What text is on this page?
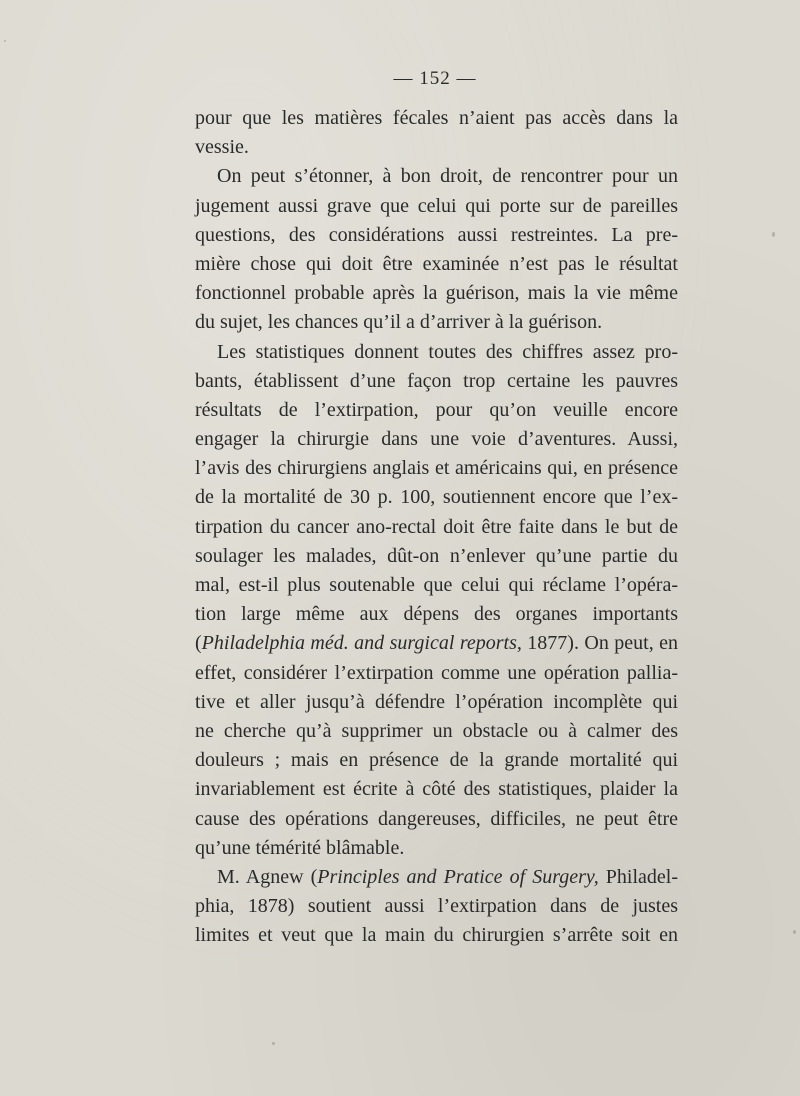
— 152 —
pour que les matières fécales n’aient pas accès dans la
vessie.
On peut s’étonner, à bon droit, de rencontrer pour un
jugement aussi grave que celui qui porte sur de pareilles
questions, des considérations aussi restreintes. La pre-
mière chose qui doit être examinée n’est pas le résultat
fonctionnel probable après la guérison, mais la vie même
du sujet, les chances qu’il a d’arriver à la guérison.
Les statistiques donnent toutes des chiffres assez pro-
bants, établissent d’une façon trop certaine les pauvres
résultats de l’extirpation, pour qu’on veuille encore
engager la chirurgie dans une voie d’aventures. Aussi,
l’avis des chirurgiens anglais et américains qui, en présence
de la mortalité de 30 p. 100, soutiennent encore que l’ex-
tirpation du cancer ano-rectal doit être faite dans le but de
soulager les malades, dût-on n’enlever qu’une partie du
mal, est-il plus soutenable que celui qui réclame l’opéra-
tion large même aux dépens des organes importants
(Philadelphia méd. and surgical reports, 1877). On peut, en
effet, considérer l’extirpation comme une opération pallia-
tive et aller jusqu’à défendre l’opération incomplète qui
ne cherche qu’à supprimer un obstacle ou à calmer des
douleurs ; mais en présence de la grande mortalité qui
invariablement est écrite à côté des statistiques, plaider la
cause des opérations dangereuses, difficiles, ne peut être
qu’une témérité blâmable.
M. Agnew (Principles and Pratice of Surgery, Philadel-
phia, 1878) soutient aussi l’extirpation dans de justes
limites et veut que la main du chirurgien s’arrête soit en
